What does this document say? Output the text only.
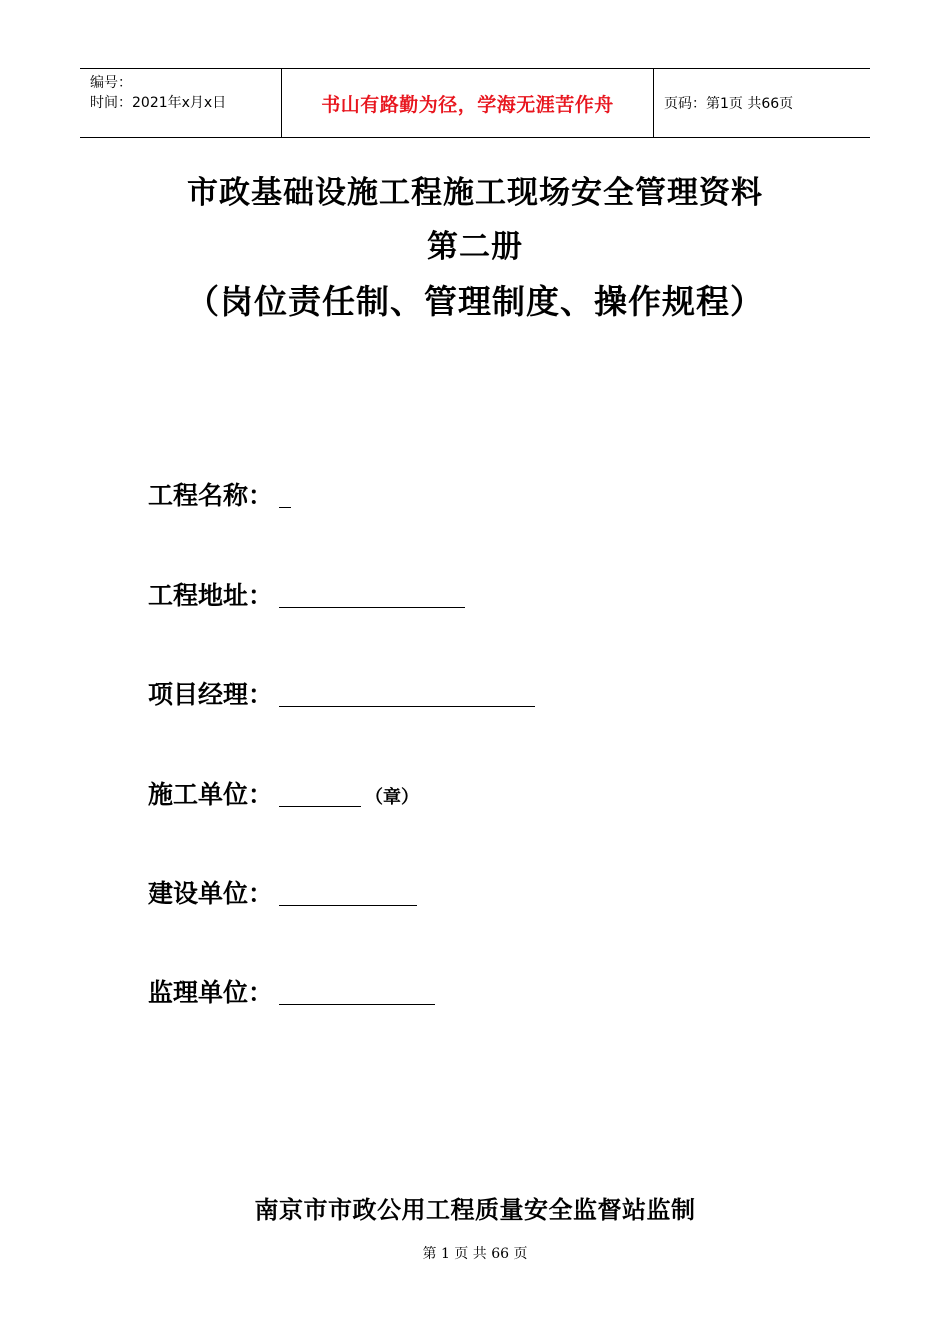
编号：
时间：2021年x月x日	书山有路勤为径，学海无涯苦作舟	页码：第1页 共66页
市政基础设施工程施工现场安全管理资料
第二册
（岗位责任制、管理制度、操作规程）
工程名称：
工程地址：
项目经理：
施工单位：	（章）
建设单位：
监理单位：
南京市市政公用工程质量安全监督站监制
第 1 页 共 66 页
